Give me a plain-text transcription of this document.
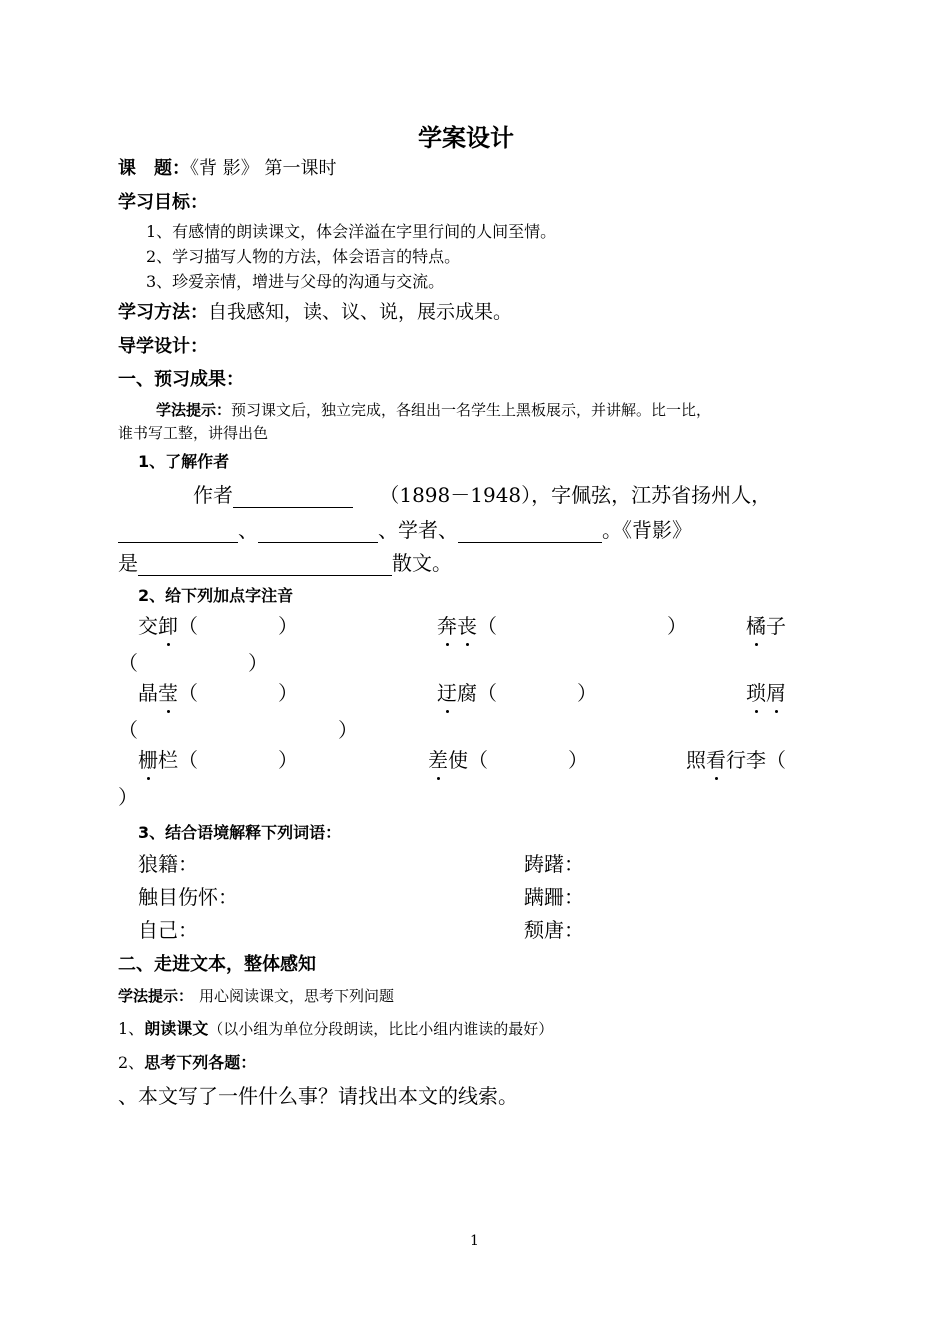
学案设计
课　题：《背 影》 第一课时
学习目标：
1、有感情的朗读课文，体会洋溢在字里行间的人间至情。
2、学习描写人物的方法，体会语言的特点。
3、珍爱亲情，增进与父母的沟通与交流。
学习方法：自我感知，读、议、说，展示成果。
导学设计：
一、预习成果：
学法提示：预习课文后，独立完成，各组出一名学生上黑板展示，并讲解。比一比，
谁书写工整，讲得出色
1、了解作者
作者	（1898－1948），字佩弦，江苏省扬州人，
、	、学者、	。《背影》
是	散文。
2、给下列加点字注音
交卸（	）	奔丧（	）	橘子
（	）
晶莹（	）	迂腐（	）	琐屑
（	）
栅栏（	）	差使（	）	照看行李（
）
3、结合语境解释下列词语：
狼籍：	踌躇：
触目伤怀：	蹒跚：
自己：	颓唐：
二、走进文本，整体感知
学法提示： 用心阅读课文，思考下列问题
1、朗读课文（以小组为单位分段朗读，比比小组内谁读的最好）
2、思考下列各题：
、本文写了一件什么事？请找出本文的线索。
1
